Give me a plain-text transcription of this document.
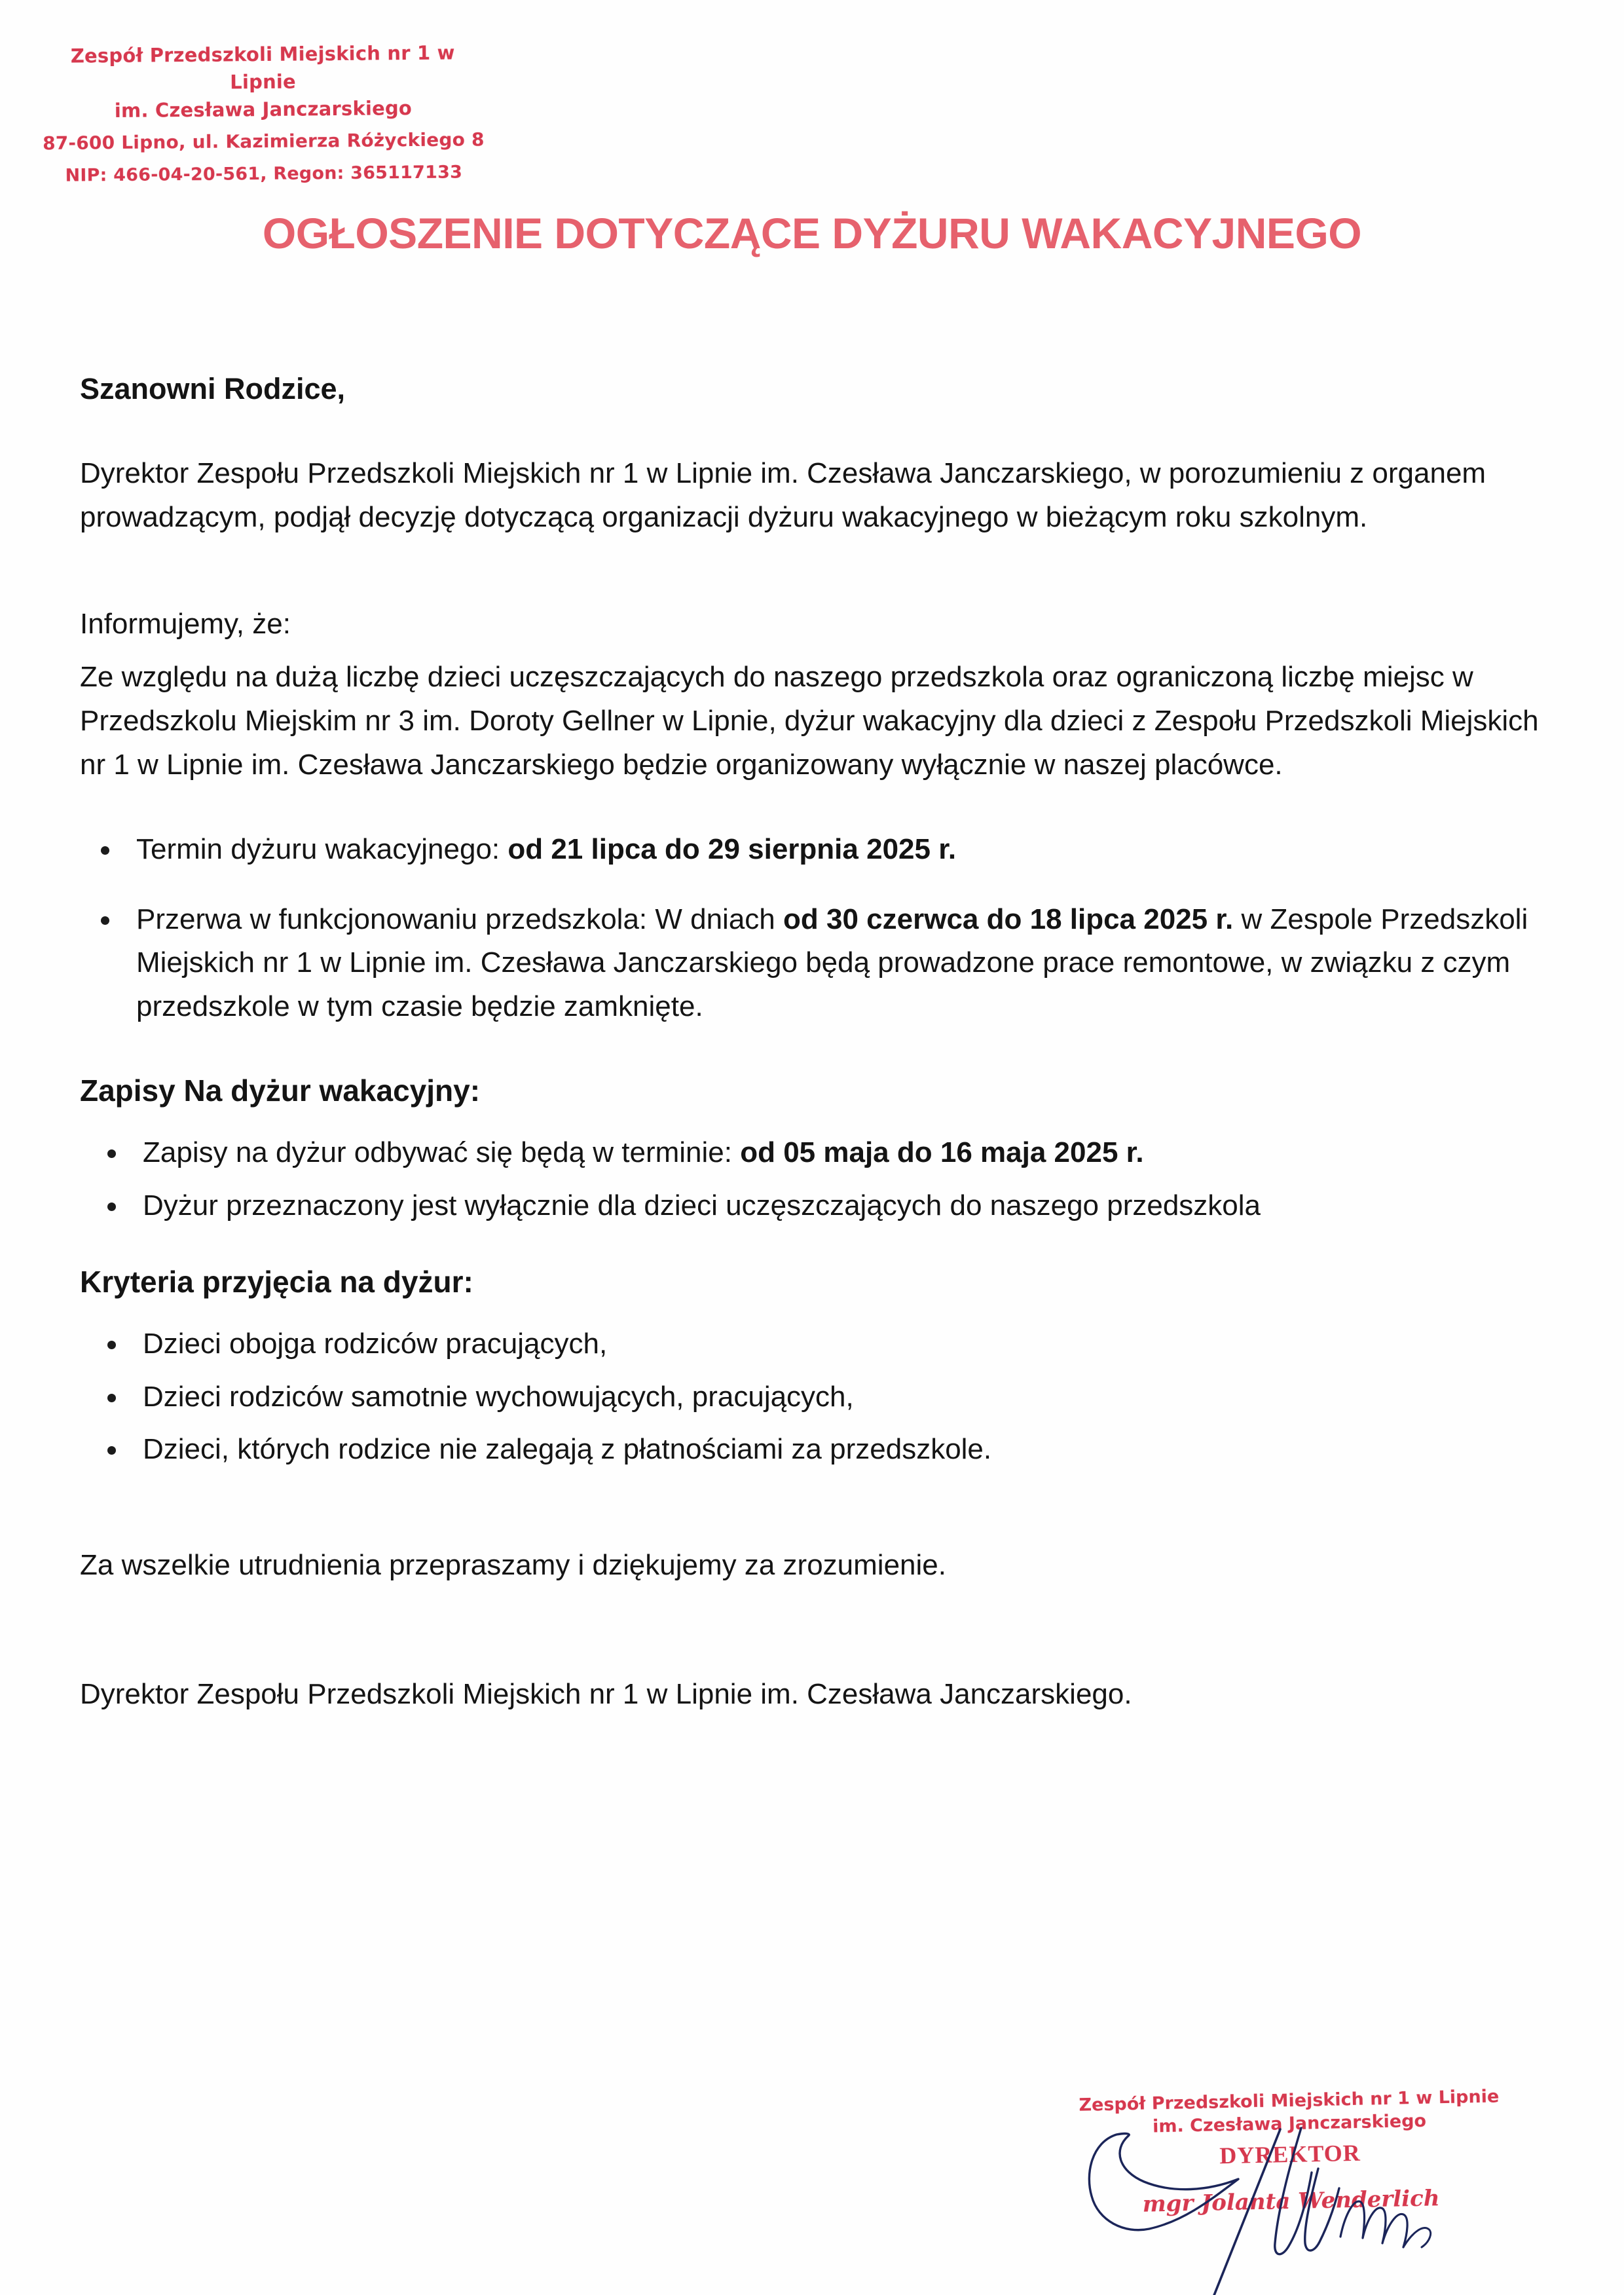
Zespół Przedszkoli Miejskich nr 1 w Lipnie
im. Czesława Janczarskiego
87-600 Lipno, ul. Kazimierza Różyckiego 8
NIP: 466-04-20-561, Regon: 365117133
OGŁOSZENIE DOTYCZĄCE DYŻURU WAKACYJNEGO

Szanowni Rodzice,

Dyrektor Zespołu Przedszkoli Miejskich nr 1 w Lipnie im. Czesława Janczarskiego, w porozumieniu z organem prowadzącym, podjął decyzję dotyczącą organizacji dyżuru wakacyjnego w bieżącym roku szkolnym.

Informujemy, że:

Ze względu na dużą liczbę dzieci uczęszczających do naszego przedszkola oraz ograniczoną liczbę miejsc w Przedszkolu Miejskim nr 3 im. Doroty Gellner w Lipnie, dyżur wakacyjny dla dzieci z Zespołu Przedszkoli Miejskich nr 1 w Lipnie im. Czesława Janczarskiego będzie organizowany wyłącznie w naszej placówce.

Termin dyżuru wakacyjnego: od 21 lipca do 29 sierpnia 2025 r.
Przerwa w funkcjonowaniu przedszkola: W dniach od 30 czerwca do 18 lipca 2025 r. w Zespole Przedszkoli Miejskich nr 1 w Lipnie im. Czesława Janczarskiego będą prowadzone prace remontowe, w związku z czym przedszkole w tym czasie będzie zamknięte.

Zapisy Na dyżur wakacyjny:

Zapisy na dyżur odbywać się będą w terminie: od 05 maja do 16 maja 2025 r.
Dyżur przeznaczony jest wyłącznie dla dzieci uczęszczających do naszego przedszkola

Kryteria przyjęcia na dyżur:

Dzieci obojga rodziców pracujących,
Dzieci rodziców samotnie wychowujących, pracujących,
Dzieci, których rodzice nie zalegają z płatnościami za przedszkole.

Za wszelkie utrudnienia przepraszamy i dziękujemy za zrozumienie.

Dyrektor Zespołu Przedszkoli Miejskich nr 1 w Lipnie im. Czesława Janczarskiego.

Zespół Przedszkoli Miejskich nr 1 w Lipnie
im. Czesława Janczarskiego
DYREKTOR
mgr Jolanta Wenderlich
